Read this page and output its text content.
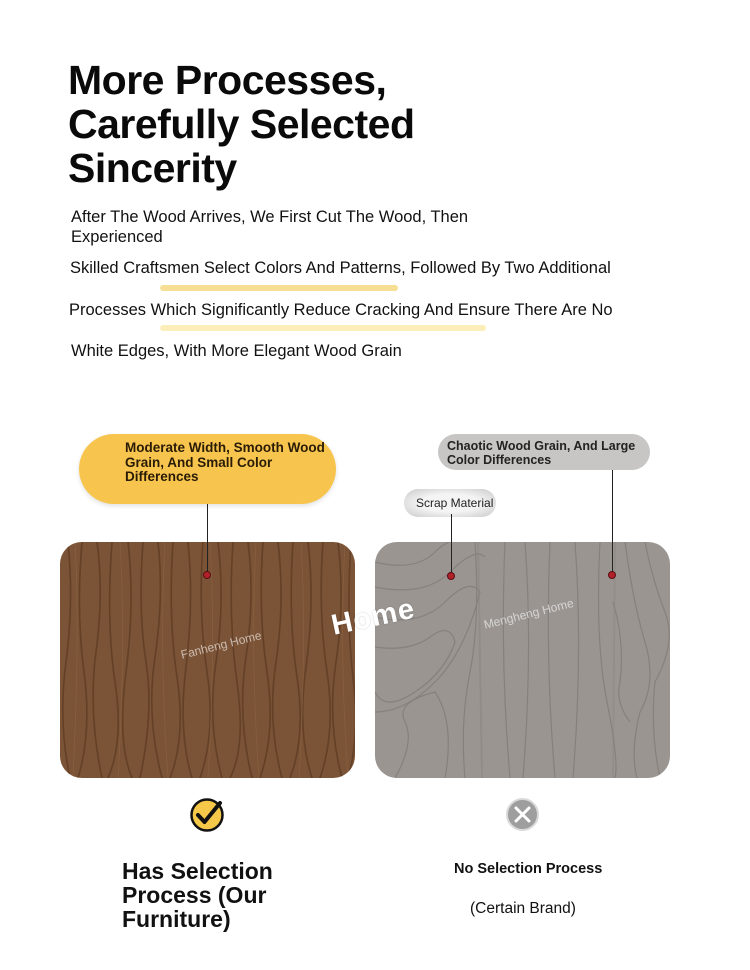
More Processes,
Carefully Selected
Sincerity
After The Wood Arrives, We First Cut The Wood, Then Experienced
Skilled Craftsmen Select Colors And Patterns, Followed By Two Additional
Processes Which Significantly Reduce Cracking And Ensure There Are No
White Edges, With More Elegant Wood Grain
Moderate Width, Smooth Wood Grain, And Small Color Differences
Chaotic Wood Grain, And Large Color Differences
Scrap Material
Fanheng Home
Mengheng Home
Home
Has Selection Process (Our Furniture)
No Selection Process
(Certain Brand)
